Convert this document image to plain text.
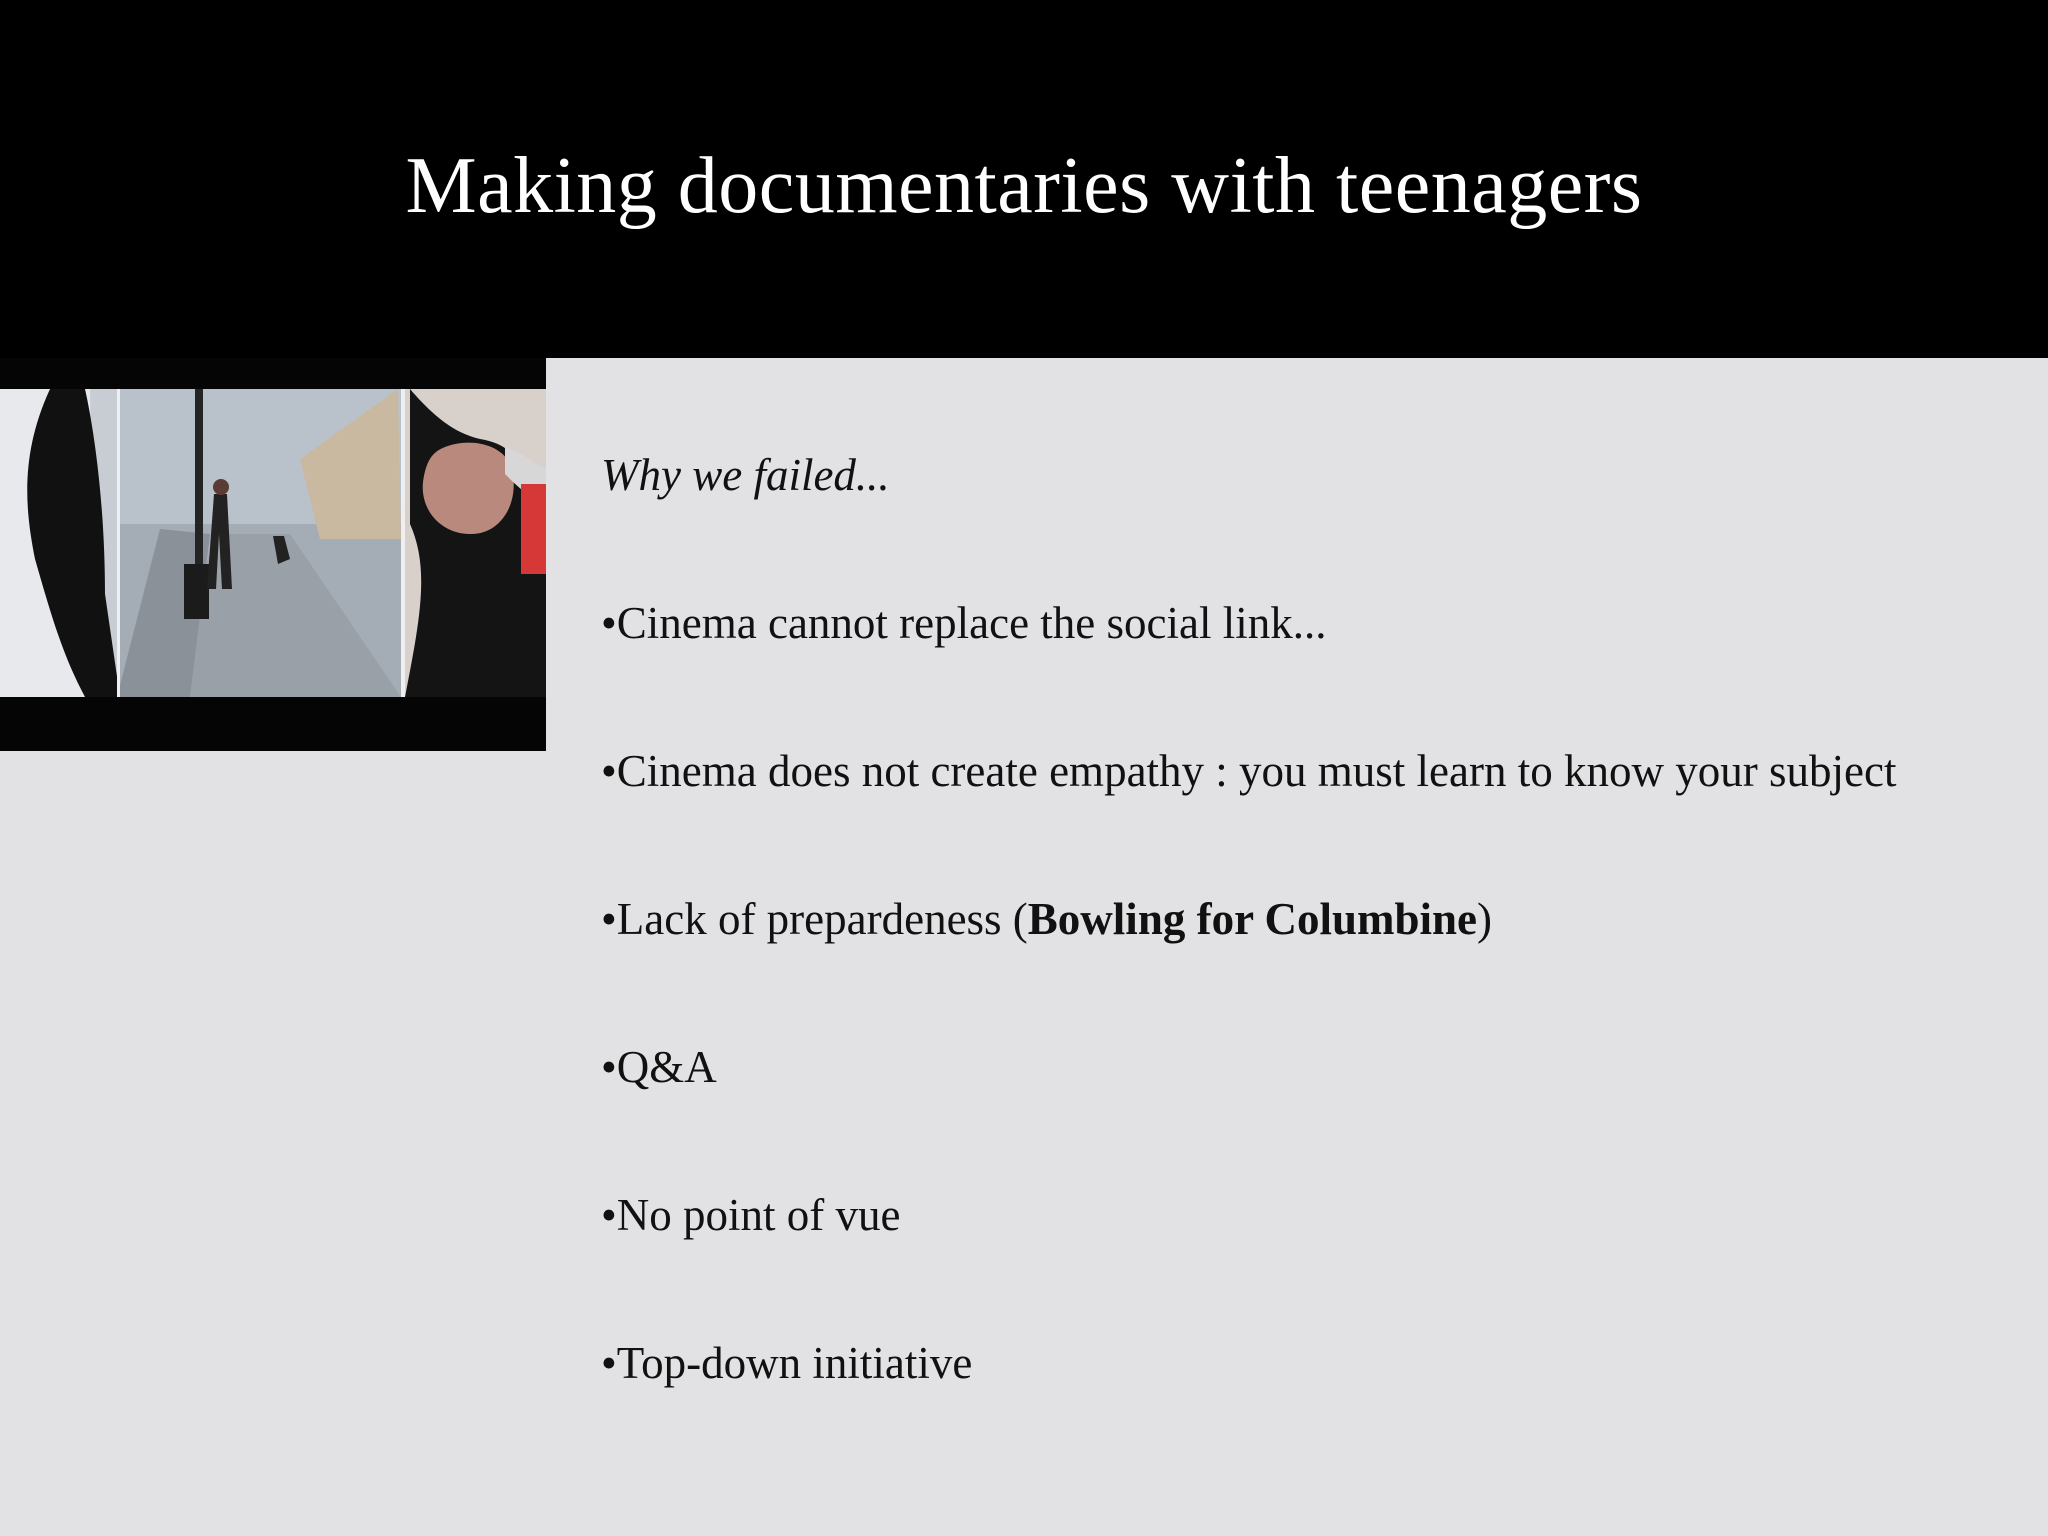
Making documentaries with teenagers
Why we failed...
•Cinema cannot replace the social link...
•Cinema does not create empathy : you must learn to know your subject
•Lack of prepardeness (Bowling for Columbine)
•Q&A
•No point of vue
•Top-down initiative
